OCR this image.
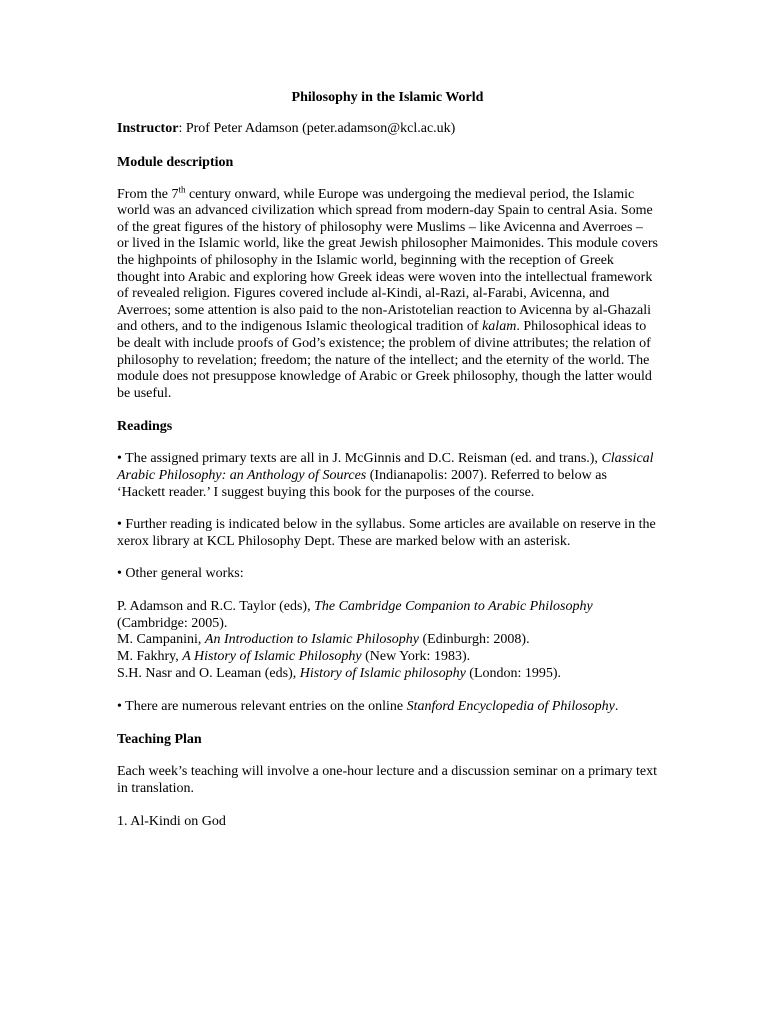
Philosophy in the Islamic World

Instructor: Prof Peter Adamson (peter.adamson@kcl.ac.uk)

Module description

From the 7th century onward, while Europe was undergoing the medieval period, the Islamic world was an advanced civilization which spread from modern-day Spain to central Asia. Some of the great figures of the history of philosophy were Muslims – like Avicenna and Averroes – or lived in the Islamic world, like the great Jewish philosopher Maimonides. This module covers the highpoints of philosophy in the Islamic world, beginning with the reception of Greek thought into Arabic and exploring how Greek ideas were woven into the intellectual framework of revealed religion. Figures covered include al-Kindi, al-Razi, al-Farabi, Avicenna, and Averroes; some attention is also paid to the non-Aristotelian reaction to Avicenna by al-Ghazali and others, and to the indigenous Islamic theological tradition of kalam. Philosophical ideas to be dealt with include proofs of God’s existence; the problem of divine attributes; the relation of philosophy to revelation; freedom; the nature of the intellect; and the eternity of the world. The module does not presuppose knowledge of Arabic or Greek philosophy, though the latter would be useful.

Readings

• The assigned primary texts are all in J. McGinnis and D.C. Reisman (ed. and trans.), Classical Arabic Philosophy: an Anthology of Sources (Indianapolis: 2007). Referred to below as ‘Hackett reader.’ I suggest buying this book for the purposes of the course.

• Further reading is indicated below in the syllabus. Some articles are available on reserve in the xerox library at KCL Philosophy Dept. These are marked below with an asterisk.

• Other general works:

P. Adamson and R.C. Taylor (eds), The Cambridge Companion to Arabic Philosophy (Cambridge: 2005).

M. Campanini, An Introduction to Islamic Philosophy (Edinburgh: 2008).

M. Fakhry, A History of Islamic Philosophy (New York: 1983).

S.H. Nasr and O. Leaman (eds), History of Islamic philosophy (London: 1995).

• There are numerous relevant entries on the online Stanford Encyclopedia of Philosophy.

Teaching Plan

Each week’s teaching will involve a one-hour lecture and a discussion seminar on a primary text in translation.

1. Al-Kindi on God
